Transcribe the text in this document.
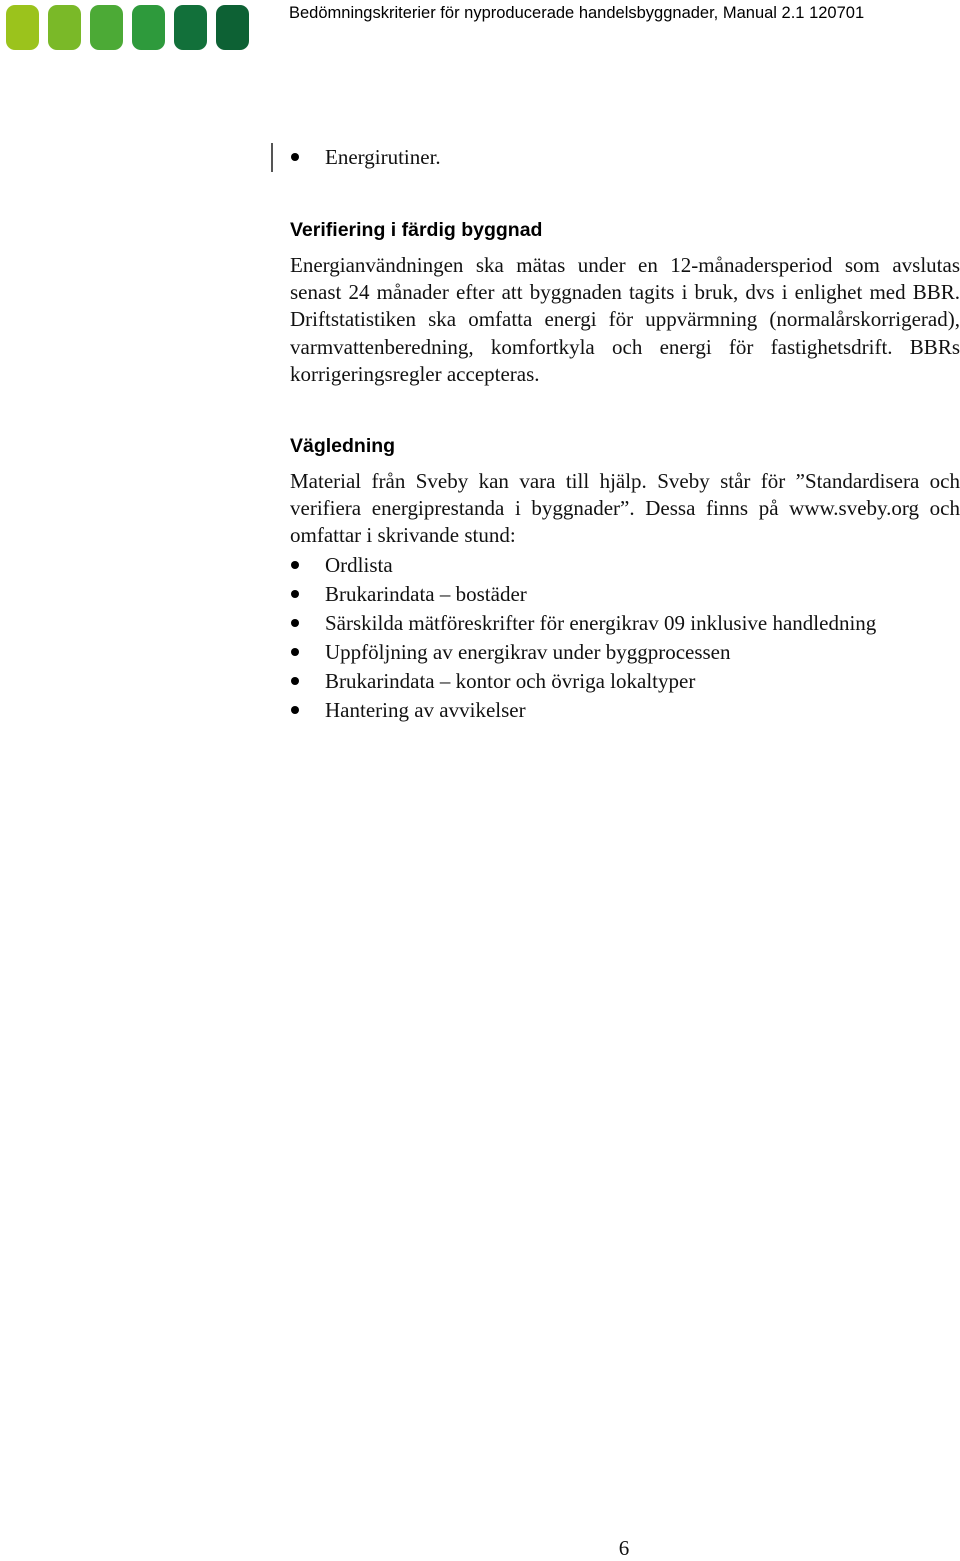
Bedömningskriterier för nyproducerade handelsbyggnader, Manual 2.1 120701
Energirutiner.
Verifiering i färdig byggnad

Energianvändningen ska mätas under en 12-månadersperiod som avslutas senast 24 månader efter att byggnaden tagits i bruk, dvs i enlighet med BBR. Driftstatistiken ska omfatta energi för uppvärmning (normalårskorrigerad), varmvattenberedning, komfortkyla och energi för fastighetsdrift. BBRs korrigeringsregler accepteras.

Vägledning

Material från Sveby kan vara till hjälp. Sveby står för ”Standardisera och verifiera energiprestanda i byggnader”. Dessa finns på www.sveby.org och omfattar i skrivande stund:

Ordlista
Brukarindata – bostäder
Särskilda mätföreskrifter för energikrav 09 inklusive handledning
Uppföljning av energikrav under byggprocessen
Brukarindata – kontor och övriga lokaltyper
Hantering av avvikelser
6
